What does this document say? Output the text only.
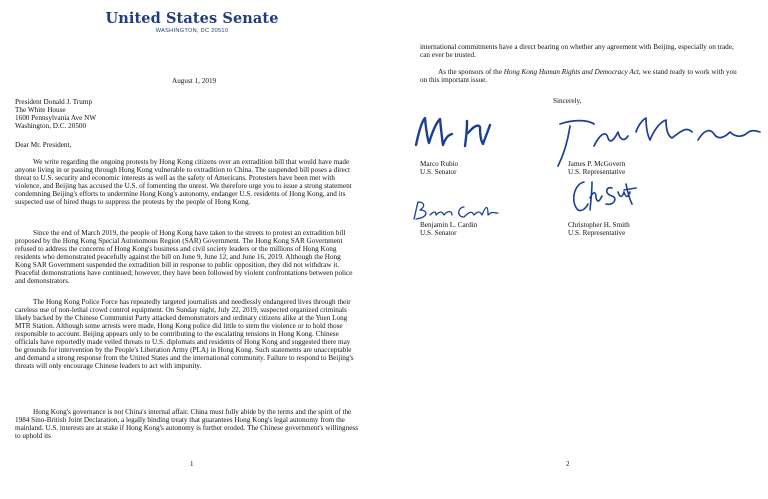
United States Senate
WASHINGTON, DC 20510
August 1, 2019
President Donald J. Trump
The White House
1600 Pennsylvania Ave NW
Washington, D.C. 20500
Dear Mr. President,

We write regarding the ongoing protests by Hong Kong citizens over an extradition bill that would have made anyone living in or passing through Hong Kong vulnerable to extradition to China. The suspended bill poses a direct threat to U.S. security and economic interests as well as the safety of Americans. Protesters have been met with violence, and Beijing has accused the U.S. of fomenting the unrest. We therefore urge you to issue a strong statement condemning Beijing's efforts to undermine Hong Kong's autonomy, endanger U.S. residents of Hong Kong, and its suspected use of hired thugs to suppress the protests by the people of Hong Kong.

Since the end of March 2019, the people of Hong Kong have taken to the streets to protest an extradition bill proposed by the Hong Kong Special Autonomous Region (SAR) Government. The Hong Kong SAR Government refused to address the concerns of Hong Kong's business and civil society leaders or the millions of Hong Kong residents who demonstrated peacefully against the bill on June 9, June 12, and June 16, 2019. Although the Hong Kong SAR Government suspended the extradition bill in response to public opposition, they did not withdraw it. Peaceful demonstrations have continued; however, they have been followed by violent confrontations between police and demonstrators.

The Hong Kong Police Force has repeatedly targeted journalists and needlessly endangered lives through their careless use of non-lethal crowd control equipment. On Sunday night, July 22, 2019, suspected organized criminals likely backed by the Chinese Communist Party attacked demonstrators and ordinary citizens alike at the Yuen Long MTR Station. Although some arrests were made, Hong Kong police did little to stem the violence or to hold those responsible to account. Beijing appears only to be contributing to the escalating tensions in Hong Kong. Chinese officials have reportedly made veiled threats to U.S. diplomats and residents of Hong Kong and suggested there may be grounds for intervention by the People's Liberation Army (PLA) in Hong Kong. Such statements are unacceptable and demand a strong response from the United States and the international community. Failure to respond to Beijing's threats will only encourage Chinese leaders to act with impunity.

Hong Kong's governance is not China's internal affair. China must fully abide by the terms and the spirit of the 1984 Sino-British Joint Declaration, a legally binding treaty that guarantees Hong Kong's legal autonomy from the mainland. U.S. interests are at stake if Hong Kong's autonomy is further eroded. The Chinese government's willingness to uphold its

1

international commitments have a direct bearing on whether any agreement with Beijing, especially on trade, can ever be trusted.

As the sponsors of the Hong Kong Human Rights and Democracy Act, we stand ready to work with you on this important issue.

Sincerely,
Marco Rubio
U.S. Senator
James P. McGovern
U.S. Representative
Benjamin L. Cardin
U.S. Senator
Christopher H. Smith
U.S. Representative
2
